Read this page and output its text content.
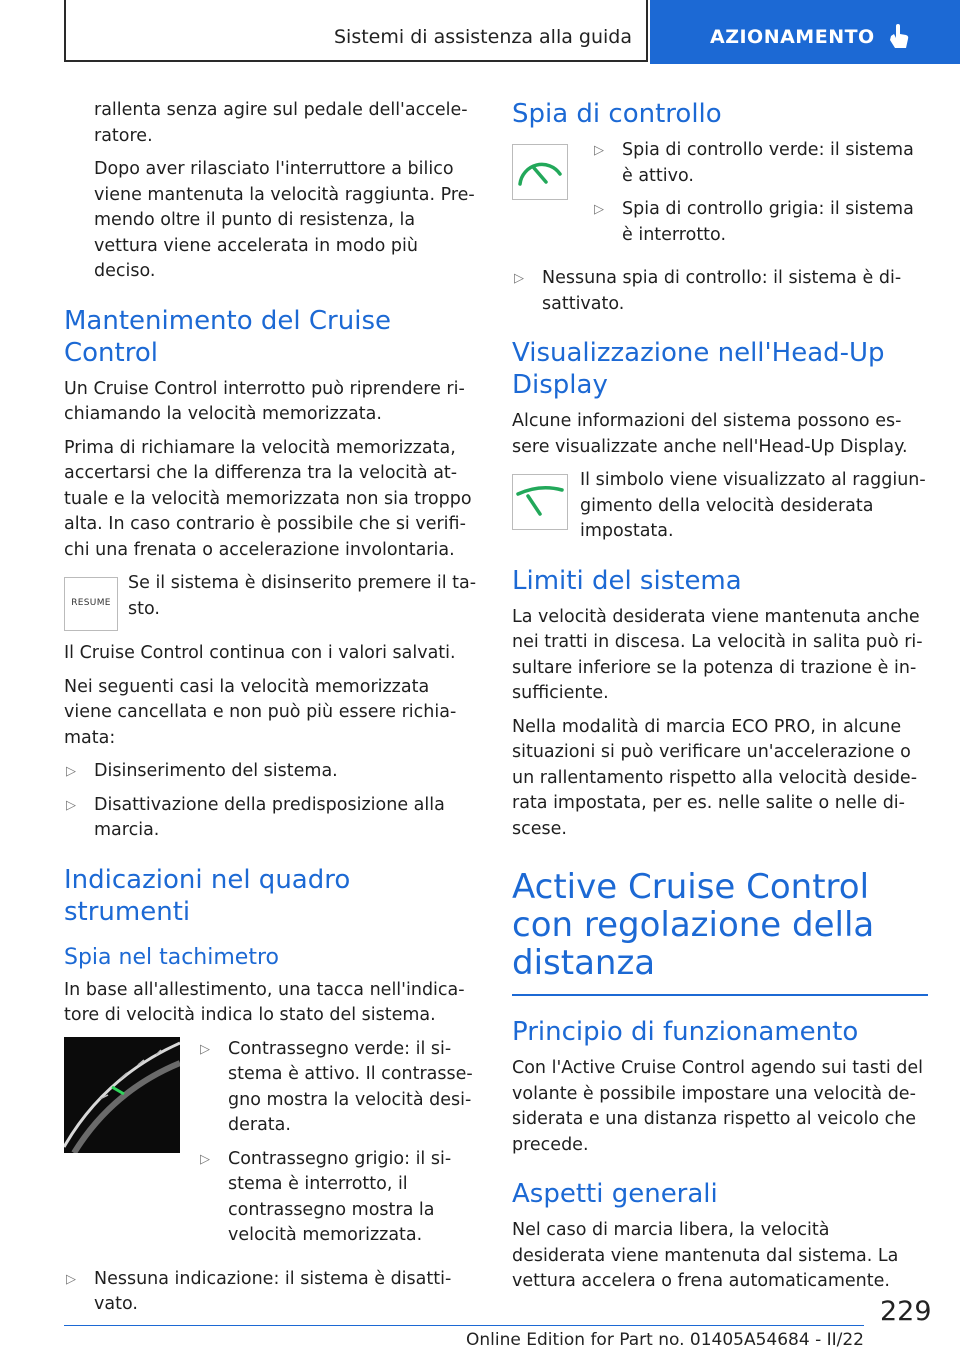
Sistemi di assistenza alla guida	AZIONAMENTO

rallenta senza agire sul pedale dell'acceleratore.

Dopo aver rilasciato l'interruttore a bilico viene mantenuta la velocità raggiunta. Premendo oltre il punto di resistenza, la vettura viene accelerata in modo più deciso.

Mantenimento del Cruise Control

Un Cruise Control interrotto può riprendere richiamando la velocità memorizzata.

Prima di richiamare la velocità memorizzata, accertarsi che la differenza tra la velocità attuale e la velocità memorizzata non sia troppo alta. In caso contrario è possibile che si verifichi una frenata o accelerazione involontaria.

RESUME
Se il sistema è disinserito premere il tasto.

Il Cruise Control continua con i valori salvati.

Nei seguenti casi la velocità memorizzata viene cancellata e non può più essere richiamata:

▷ Disinserimento del sistema.
▷ Disattivazione della predisposizione alla marcia.
Indicazioni nel quadro strumenti
Spia nel tachimetro

In base all'allestimento, una tacca nell'indicatore di velocità indica lo stato del sistema.

▷ Contrassegno verde: il sistema è attivo. Il contrassegno mostra la velocità desiderata.
▷ Contrassegno grigio: il sistema è interrotto, il contrassegno mostra la velocità memorizzata.
▷ Nessuna indicazione: il sistema è disattivato.
Spia di controllo
▷ Spia di controllo verde: il sistema è attivo.
▷ Spia di controllo grigia: il sistema è interrotto.
▷ Nessuna spia di controllo: il sistema è disattivato.
Visualizzazione nell'Head-Up Display

Alcune informazioni del sistema possono essere visualizzate anche nell'Head-Up Display.

Il simbolo viene visualizzato al raggiungimento della velocità desiderata impostata.
Limiti del sistema

La velocità desiderata viene mantenuta anche nei tratti in discesa. La velocità in salita può risultare inferiore se la potenza di trazione è insufficiente.

Nella modalità di marcia ECO PRO, in alcune situazioni si può verificare un'accelerazione o un rallentamento rispetto alla velocità desiderata impostata, per es. nelle salite o nelle discese.

Active Cruise Control con regolazione della distanza
Principio di funzionamento

Con l'Active Cruise Control agendo sui tasti del volante è possibile impostare una velocità desiderata e una distanza rispetto al veicolo che precede.

Aspetti generali

Nel caso di marcia libera, la velocità desiderata viene mantenuta dal sistema. La vettura accelera o frena automaticamente.

229
Online Edition for Part no. 01405A54684 - II/22
